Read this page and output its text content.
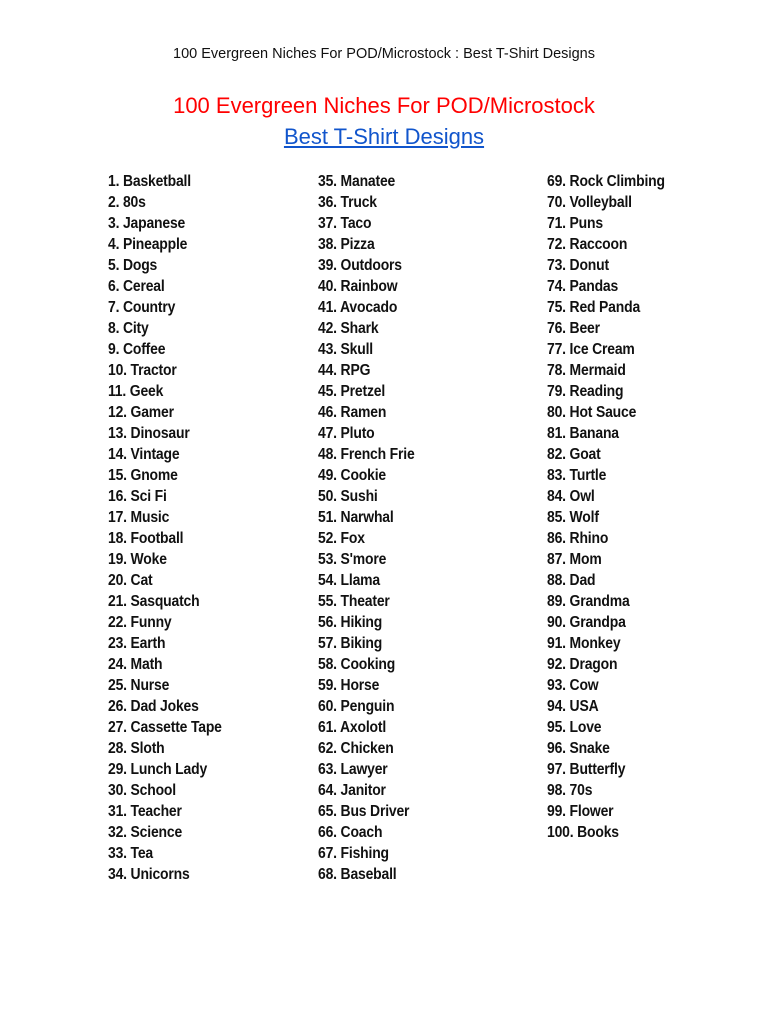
100 Evergreen Niches For POD/Microstock : Best T-Shirt Designs
100 Evergreen Niches For POD/Microstock
Best T-Shirt Designs
1. Basketball
2. 80s
3. Japanese
4. Pineapple
5. Dogs
6. Cereal
7. Country
8. City
9. Coffee
10. Tractor
11. Geek
12. Gamer
13. Dinosaur
14. Vintage
15. Gnome
16. Sci Fi
17. Music
18. Football
19. Woke
20. Cat
21. Sasquatch
22. Funny
23. Earth
24. Math
25. Nurse
26. Dad Jokes
27. Cassette Tape
28. Sloth
29. Lunch Lady
30. School
31. Teacher
32. Science
33. Tea
34. Unicorns
35. Manatee
36. Truck
37. Taco
38. Pizza
39. Outdoors
40. Rainbow
41. Avocado
42. Shark
43. Skull
44. RPG
45. Pretzel
46. Ramen
47. Pluto
48. French Frie
49. Cookie
50. Sushi
51. Narwhal
52. Fox
53. S'more
54. Llama
55. Theater
56. Hiking
57. Biking
58. Cooking
59. Horse
60. Penguin
61. Axolotl
62. Chicken
63. Lawyer
64. Janitor
65. Bus Driver
66. Coach
67. Fishing
68. Baseball
69. Rock Climbing
70. Volleyball
71. Puns
72. Raccoon
73. Donut
74. Pandas
75. Red Panda
76. Beer
77. Ice Cream
78. Mermaid
79. Reading
80. Hot Sauce
81. Banana
82. Goat
83. Turtle
84. Owl
85. Wolf
86. Rhino
87. Mom
88. Dad
89. Grandma
90. Grandpa
91. Monkey
92. Dragon
93. Cow
94. USA
95. Love
96. Snake
97. Butterfly
98. 70s
99. Flower
100. Books
